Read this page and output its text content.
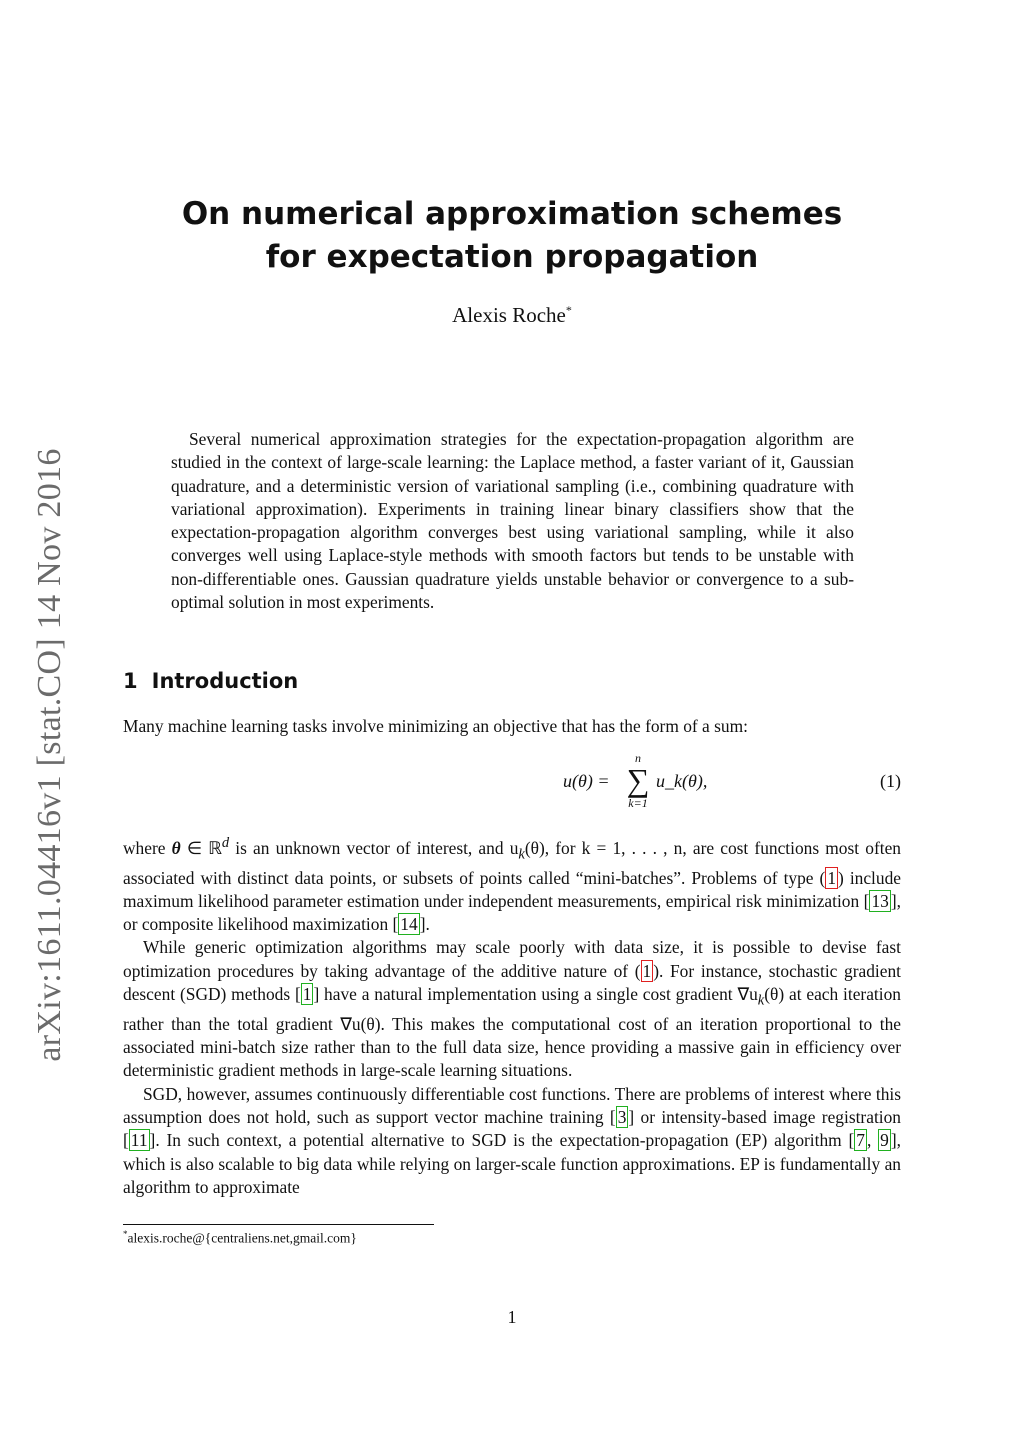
arXiv:1611.04416v1 [stat.CO] 14 Nov 2016
On numerical approximation schemes
for expectation propagation
Alexis Roche*
Several numerical approximation strategies for the expectation-propagation algorithm are studied in the context of large-scale learning: the Laplace method, a faster variant of it, Gaussian quadrature, and a deterministic version of variational sampling (i.e., combining quadrature with variational approximation). Experiments in training linear binary classifiers show that the expectation-propagation algorithm converges best using variational sampling, while it also converges well using Laplace-style methods with smooth factors but tends to be unstable with non-differentiable ones. Gaussian quadrature yields unstable behavior or convergence to a sub-optimal solution in most experiments.
1 Introduction
Many machine learning tasks involve minimizing an objective that has the form of a sum:
u(θ) =
n
∑
k=1
u_k(θ),	(1)

where θ ∈ ℝ$^d$ is an unknown vector of interest, and $u_k(\theta)$, for k = 1, . . . , n, are cost functions most often associated with distinct data points, or subsets of points called “mini-batches”. Problems of type ( 1 ) include maximum likelihood parameter estimation under independent measurements, empirical risk minimization [ 13 ], or composite likelihood maximization [ 14 ].

While generic optimization algorithms may scale poorly with data size, it is possible to devise fast optimization procedures by taking advantage of the additive nature of ( 1 ). For instance, stochastic gradient descent (SGD) methods [ 1 ] have a natural implementation using a single cost gradient $\nabla u_k(\theta)$ at each iteration rather than the total gradient ∇u(θ). This makes the computational cost of an iteration proportional to the associated mini-batch size rather than to the full data size, hence providing a massive gain in efficiency over deterministic gradient methods in large-scale learning situations.

SGD, however, assumes continuously differentiable cost functions. There are problems of interest where this assumption does not hold, such as support vector machine training [ 3 ] or intensity-based image registration [ 11 ]. In such context, a potential alternative to SGD is the expectation-propagation (EP) algorithm [ 7 , 9 ], which is also scalable to big data while relying on larger-scale function approximations. EP is fundamentally an algorithm to approximate

*alexis.roche@{centraliens.net,gmail.com}
1
